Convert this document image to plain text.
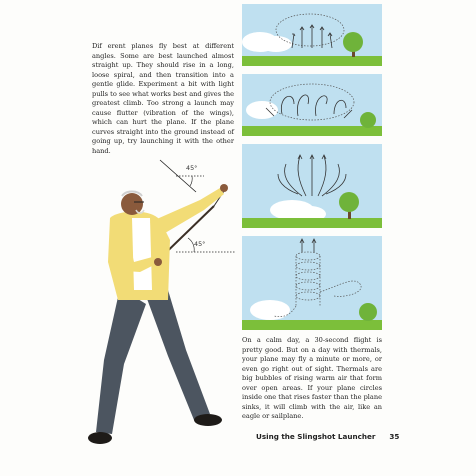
Dif erent planes fly best at different angles. Some are best launched almost straight up. They should rise in a long, loose spiral, and then transition into a gentle glide. Experiment a bit with light pulls to see what works best and gives the greatest climb. Too strong a launch may cause flutter (vibration of the wings), which can hurt the plane. If the plane curves straight into the ground instead of going up, try launching it with the other hand.

On a calm day, a 30-second flight is pretty good. But on a day with thermals, your plane may fly a minute or more, or even go right out of sight. Thermals are big bubbles of rising warm air that form over open areas. If your plane circles inside one that rises faster than the plane sinks, it will climb with the air, like an eagle or sailplane.

45°
45°
Using the Slingshot Launcher 35
